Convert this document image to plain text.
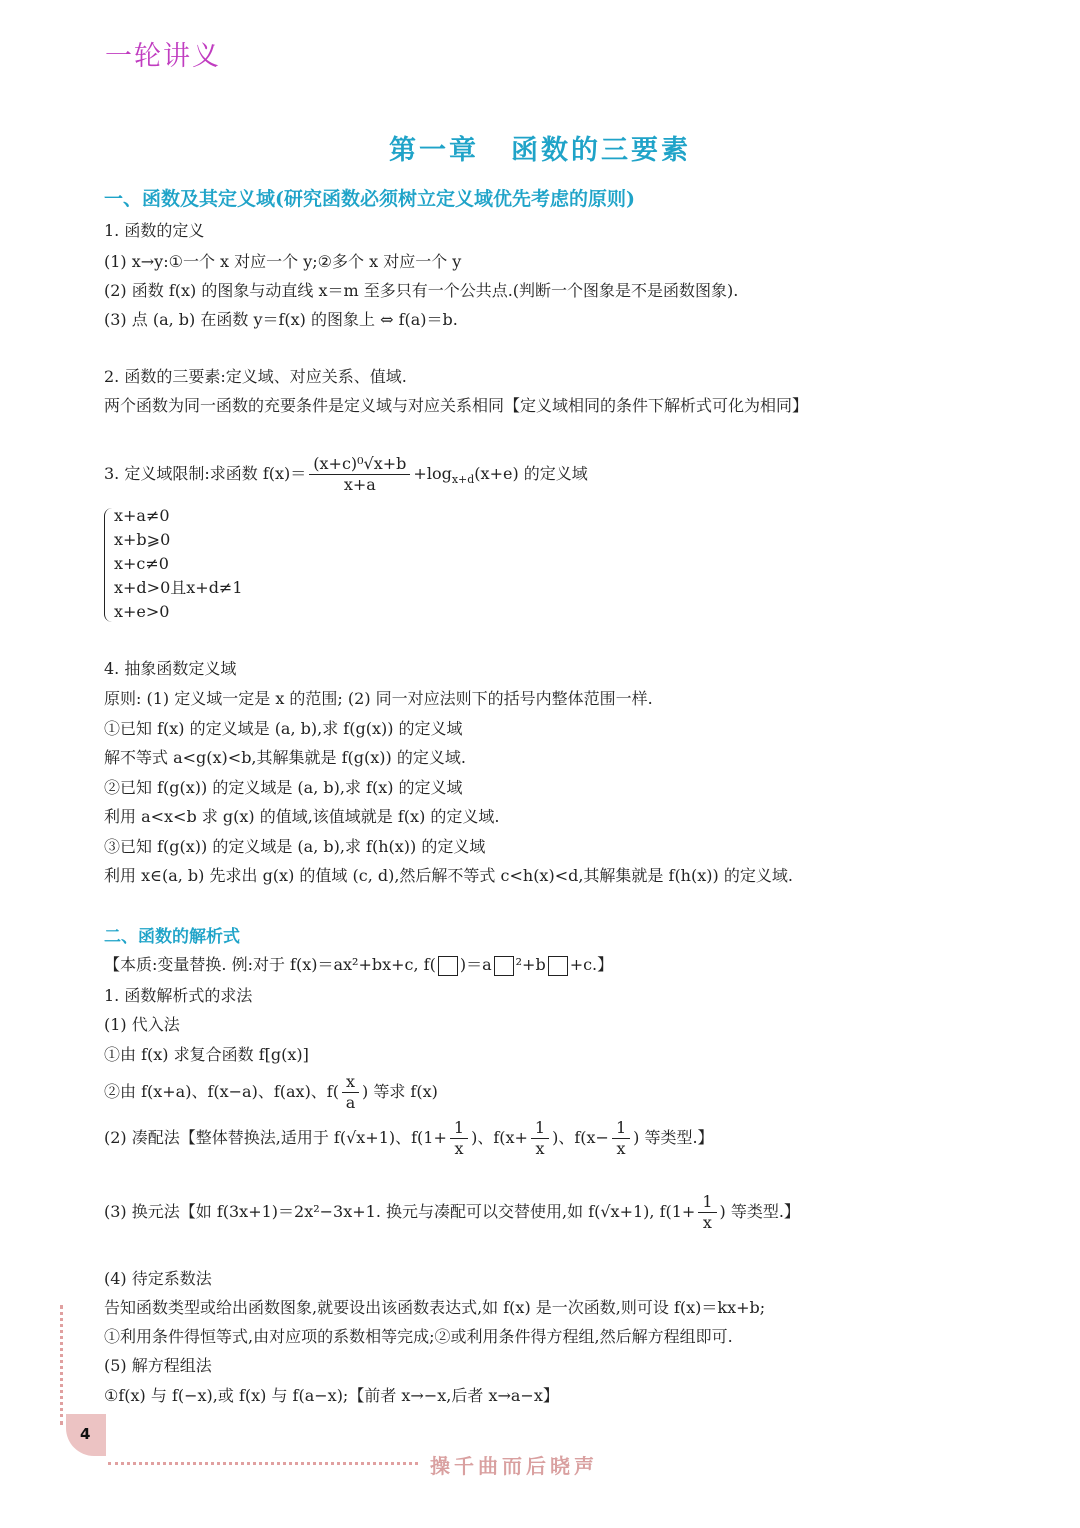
一轮讲义
第一章 函数的三要素
一、函数及其定义域(研究函数必须树立定义域优先考虑的原则)
1. 函数的定义
(1) x→y:①一个 x 对应一个 y;②多个 x 对应一个 y
(2) 函数 f(x) 的图象与动直线 x＝m 至多只有一个公共点.(判断一个图象是不是函数图象).
(3) 点 (a, b) 在函数 y＝f(x) 的图象上 ⇔ f(a)＝b.
2. 函数的三要素:定义域、对应关系、值域.
两个函数为同一函数的充要条件是定义域与对应关系相同【定义域相同的条件下解析式可化为相同】
3. 定义域限制:求函数 $f(x)= \frac{\text{(x+c)⁰√x+b}}{x+a} +\log_{x+d}(x+e)$ 的定义域
x+a≠0
x+b⩾0
x+c≠0
x+d>0且x+d≠1
x+e>0
4. 抽象函数定义域
原则: (1) 定义域一定是 x 的范围; (2) 同一对应法则下的括号内整体范围一样.
①已知 f(x) 的定义域是 (a, b),求 f(g(x)) 的定义域
解不等式 a<g(x)<b,其解集就是 f(g(x)) 的定义域.
②已知 f(g(x)) 的定义域是 (a, b),求 f(x) 的定义域
利用 a<x<b 求 g(x) 的值域,该值域就是 f(x) 的定义域.
③已知 f(g(x)) 的定义域是 (a, b),求 f(h(x)) 的定义域
利用 x∈(a, b) 先求出 g(x) 的值域 (c, d),然后解不等式 c<h(x)<d,其解集就是 f(h(x)) 的定义域.
二、函数的解析式
【本质:变量替换. 例:对于 f(x)＝ax²+bx+c, f( )＝a ²+b +c.】
1. 函数解析式的求法
(1) 代入法
①由 f(x) 求复合函数 f[g(x)]
②由 f(x+a)、f(x−a)、f(ax)、$f( \frac{x}{a}$ ) 等求 f(x)
(2) 凑配法【整体替换法,适用于 f(√x+1)、$f(1+ \frac{1}{x}$ )、$f(x+ \frac{1}{x}$ )、$f(x- \frac{1}{x}$ ) 等类型.】
(3) 换元法【如 f(3x+1)＝2x²−3x+1. 换元与凑配可以交替使用,如 f(√x+1), $f(1+ \frac{1}{x}$ ) 等类型.】
(4) 待定系数法
告知函数类型或给出函数图象,就要设出该函数表达式,如 f(x) 是一次函数,则可设 f(x)＝kx+b;
①利用条件得恒等式,由对应项的系数相等完成;②或利用条件得方程组,然后解方程组即可.
(5) 解方程组法
①f(x) 与 f(−x),或 f(x) 与 f(a−x);【前者 x→−x,后者 x→a−x】
4
操千曲而后晓声
